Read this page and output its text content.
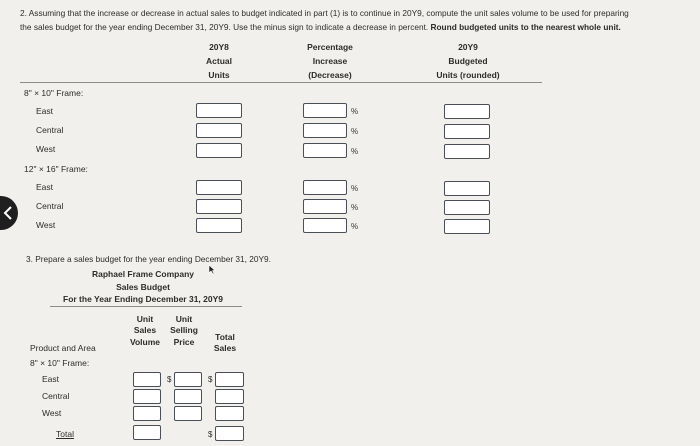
2. Assuming that the increase or decrease in actual sales to budget indicated in part (1) is to continue in 20Y9, compute the unit sales volume to be used for preparing
the sales budget for the year ending December 31, 20Y9. Use the minus sign to indicate a decrease in percent. Round budgeted units to the nearest whole unit.
20Y8
Actual
Units
Percentage
Increase
(Decrease)
20Y9
Budgeted
Units (rounded)
8" × 10" Frame:
East
Central
West
12" × 16" Frame:
East
Central
West
%
%
%
%
%
%
3. Prepare a sales budget for the year ending December 31, 20Y9.
Raphael Frame Company
Sales Budget
For the Year Ending December 31, 20Y9
Unit
Sales
Volume
Unit
Selling
Price	Total
Sales
Product and Area
8" × 10" Frame:
East
Central
West
Total
$	$
$
